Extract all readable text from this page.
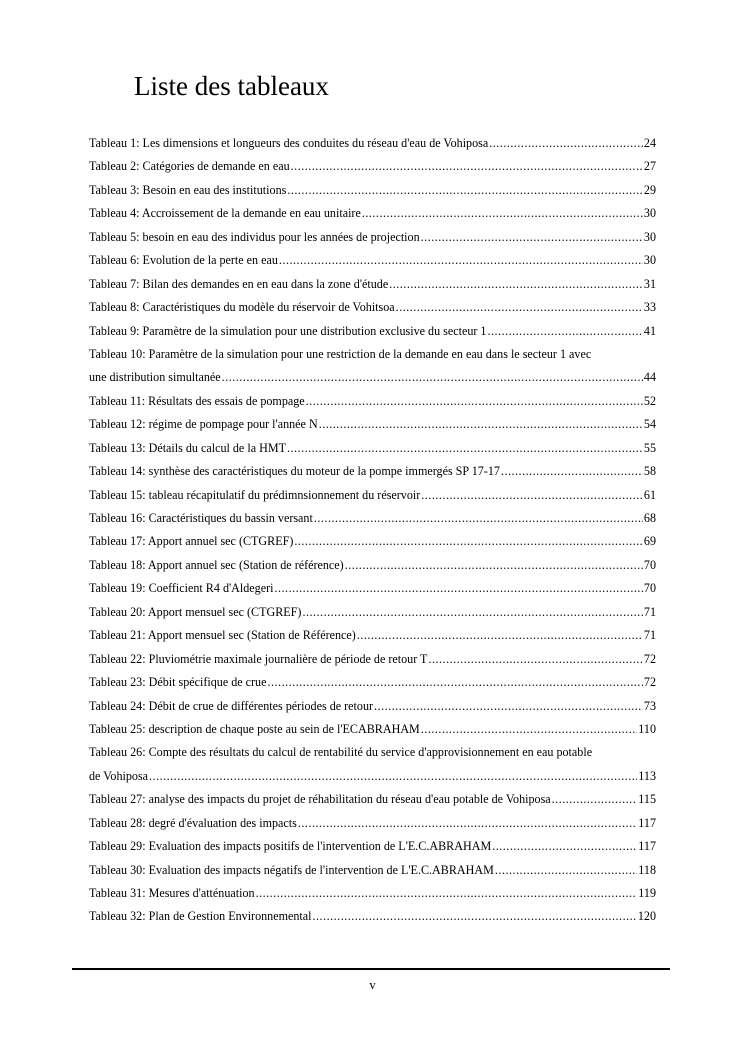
Liste des tableaux
Tableau 1: Les dimensions et longueurs des conduites du réseau d'eau de Vohiposa .....	24
Tableau 2: Catégories de demande en eau .....	27
Tableau 3: Besoin en eau des institutions .....	29
Tableau 4: Accroissement de la demande en eau unitaire .....	30
Tableau 5: besoin en eau des individus pour les années de projection .....	30
Tableau 6: Evolution de la perte en eau .....	30
Tableau 7: Bilan des demandes en en eau dans la zone d'étude .....	31
Tableau 8: Caractéristiques du modèle du réservoir de Vohitsoa .....	33
Tableau 9: Paramètre de la simulation pour une distribution exclusive du secteur 1 .....	41
Tableau 10: Paramètre de la simulation pour une restriction de la demande en eau dans le secteur 1 avec
une distribution simultanée .....	44
Tableau 11: Résultats des essais de pompage .....	52
Tableau 12: régime de pompage pour l'année N .....	54
Tableau 13: Détails du calcul de la HMT .....	55
Tableau 14: synthèse des caractéristiques du moteur de la pompe immergés SP 17-17 .....	58
Tableau 15: tableau récapitulatif du prédimnsionnement du réservoir .....	61
Tableau 16: Caractéristiques du bassin versant .....	68
Tableau 17: Apport annuel sec (CTGREF) .....	69
Tableau 18: Apport annuel sec (Station de référence) .....	70
Tableau 19: Coefficient R4 d'Aldegeri .....	70
Tableau 20: Apport mensuel sec (CTGREF) .....	71
Tableau 21: Apport mensuel sec (Station de Référence) .....	71
Tableau 22: Pluviométrie maximale journalière de période de retour T .....	72
Tableau 23: Débit spécifique de crue .....	72
Tableau 24: Débit de crue de différentes périodes de retour .....	73
Tableau 25: description de chaque poste au sein de l'ECABRAHAM .....	110
Tableau 26: Compte des résultats du calcul de rentabilité du service d'approvisionnement en eau potable
de Vohiposa .....	113
Tableau 27: analyse des impacts du projet de réhabilitation du réseau d'eau potable de Vohiposa .....	115
Tableau 28: degré d'évaluation des impacts .....	117
Tableau 29: Evaluation des impacts positifs de l'intervention de L'E.C.ABRAHAM .....	117
Tableau 30: Evaluation des impacts négatifs de l'intervention de L'E.C.ABRAHAM .....	118
Tableau 31: Mesures d'atténuation .....	119
Tableau 32: Plan de Gestion Environnemental .....	120
v
